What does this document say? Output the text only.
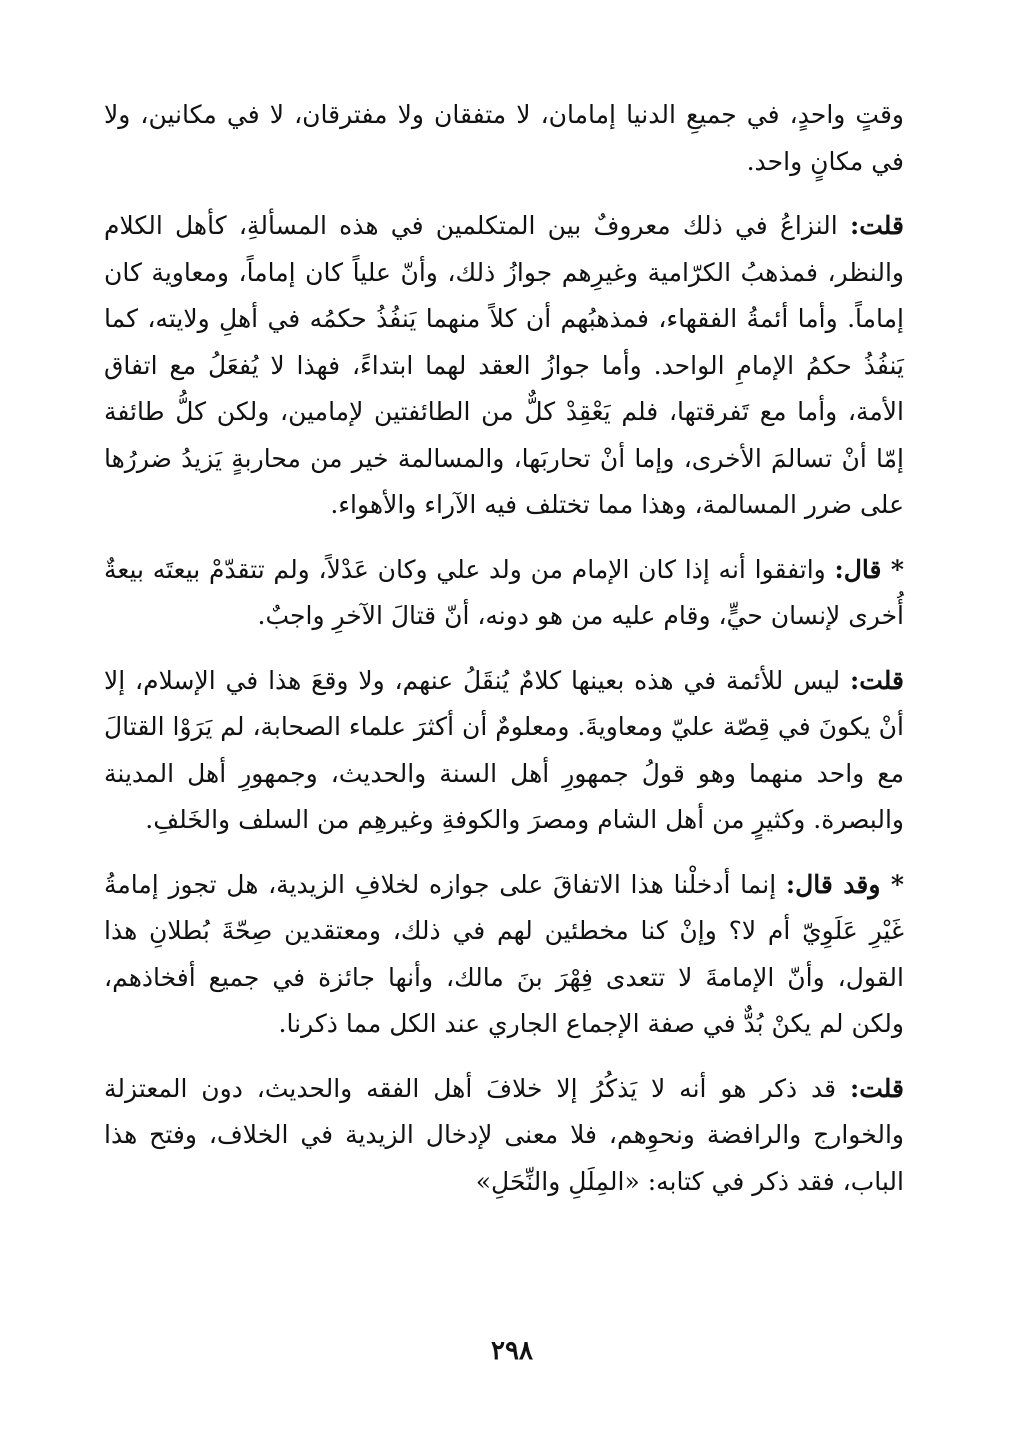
وقتٍ واحدٍ، في جميعِ الدنيا إمامان، لا متفقان ولا مفترقان، لا في مكانين، ولا في مكانٍ واحد.

قلت: النزاعُ في ذلك معروفٌ بين المتكلمين في هذه المسألةِ، كأهل الكلام والنظر، فمذهبُ الكرّامية وغيرِهم جوازُ ذلك، وأنّ علياً كان إماماً، ومعاوية كان إماماً. وأما أئمةُ الفقهاء، فمذهبُهم أن كلاً منهما يَنفُذُ حكمُه في أهلِ ولايته، كما يَنفُذُ حكمُ الإمامِ الواحد. وأما جوازُ العقد لهما ابتداءً، فهذا لا يُفعَلُ مع اتفاق الأمة، وأما مع تَفرقتها، فلم يَعْقِدْ كلٌّ من الطائفتين لإمامين، ولكن كلُّ طائفة إمّا أنْ تسالمَ الأخرى، وإما أنْ تحاربَها، والمسالمة خير من محاربةٍ يَزيدُ ضررُها على ضرر المسالمة، وهذا مما تختلف فيه الآراء والأهواء.

* قال: واتفقوا أنه إذا كان الإمام من ولد علي وكان عَدْلاً، ولم تتقدّمْ بيعتَه بيعةٌ أُخرى لإنسان حيٍّ، وقام عليه من هو دونه، أنّ قتالَ الآخرِ واجبٌ.

قلت: ليس للأئمة في هذه بعينها كلامٌ يُنقَلُ عنهم، ولا وقعَ هذا في الإسلام، إلا أنْ يكونَ في قِصّة عليّ ومعاويةَ. ومعلومٌ أن أكثرَ علماء الصحابة، لم يَرَوْا القتالَ مع واحد منهما وهو قولُ جمهورِ أهل السنة والحديث، وجمهورِ أهل المدينة والبصرة. وكثيرٍ من أهل الشام ومصرَ والكوفةِ وغيرهِم من السلف والخَلفِ.

* وقد قال: إنما أدخلْنا هذا الاتفاقَ على جوازه لخلافِ الزيدية، هل تجوز إمامةُ غَيْرِ عَلَوِيّ أم لا؟ وإنْ كنا مخطئين لهم في ذلك، ومعتقدين صِحّةَ بُطلانِ هذا القول، وأنّ الإمامةَ لا تتعدى فِهْرَ بنَ مالك، وأنها جائزة في جميع أفخاذهم، ولكن لم يكنْ بُدٌّ في صفة الإجماع الجاري عند الكل مما ذكرنا.

قلت: قد ذكر هو أنه لا يَذكُرُ إلا خلافَ أهل الفقه والحديث، دون المعتزلة والخوارج والرافضة ونحوِهم، فلا معنى لإدخال الزيدية في الخلاف، وفتح هذا الباب، فقد ذكر في كتابه: «المِلَلِ والنِّحَلِ»

٢٩٨
